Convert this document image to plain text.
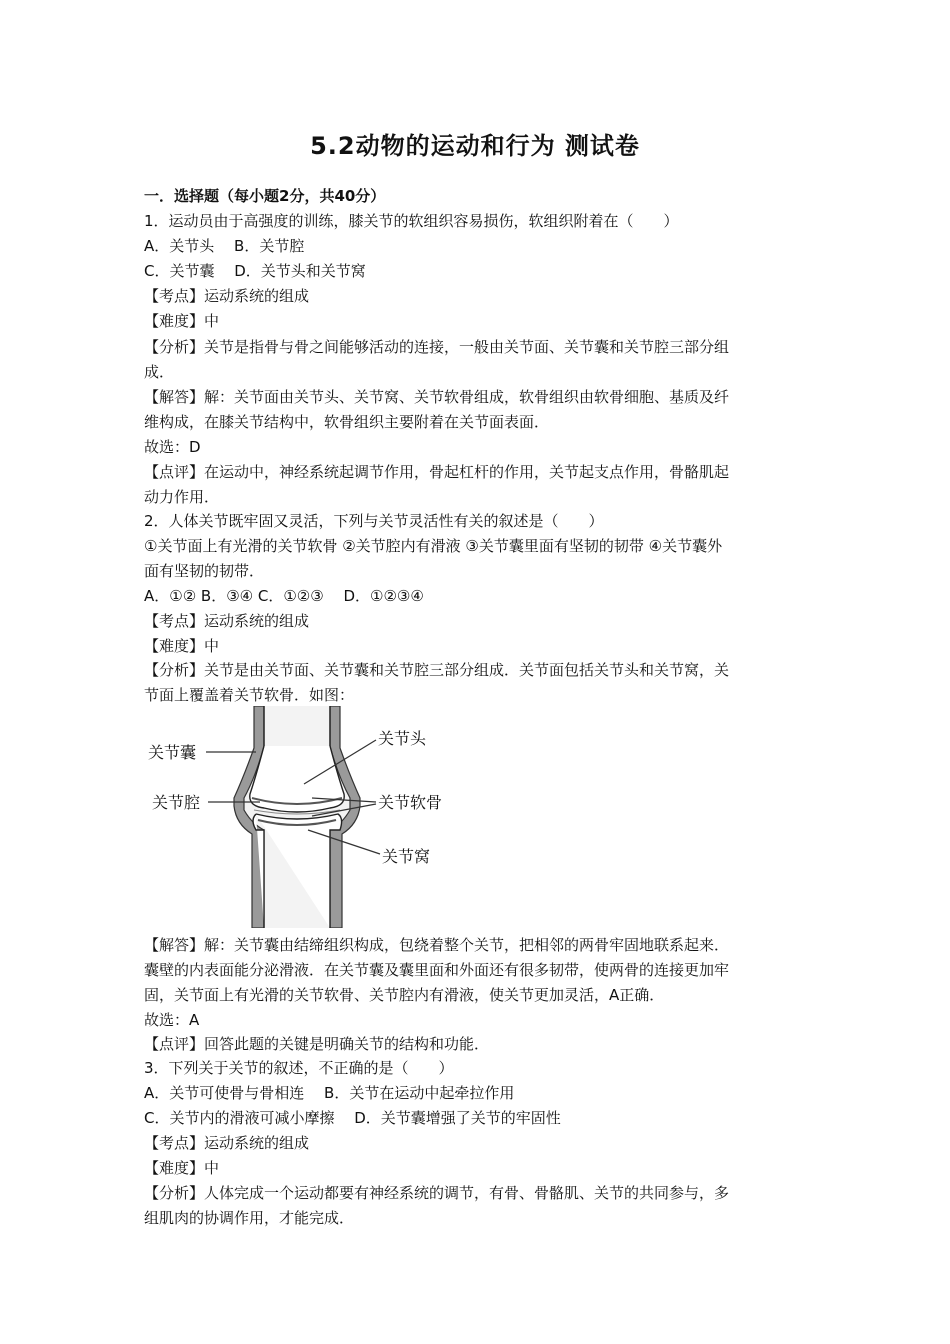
5.2动物的运动和行为 测试卷
一．选择题（每小题2分，共40分）
1．运动员由于高强度的训练，膝关节的软组织容易损伤，软组织附着在（　　）
A．关节头　 B．关节腔
C．关节囊　 D．关节头和关节窝
【考点】运动系统的组成
【难度】中
【分析】关节是指骨与骨之间能够活动的连接，一般由关节面、关节囊和关节腔三部分组
成．
【解答】解：关节面由关节头、关节窝、关节软骨组成，软骨组织由软骨细胞、基质及纤
维构成，在膝关节结构中，软骨组织主要附着在关节面表面．
故选：D
【点评】在运动中，神经系统起调节作用，骨起杠杆的作用，关节起支点作用，骨骼肌起
动力作用．
2．人体关节既牢固又灵活，下列与关节灵活性有关的叙述是（　　）
①关节面上有光滑的关节软骨 ②关节腔内有滑液 ③关节囊里面有坚韧的韧带 ④关节囊外
面有坚韧的韧带．
A．①② B．③④ C．①②③　 D．①②③④
【考点】运动系统的组成
【难度】中
【分析】关节是由关节面、关节囊和关节腔三部分组成．关节面包括关节头和关节窝，关
节面上覆盖着关节软骨．如图：
关节囊
关节腔
关节头
关节软骨
关节窝
【解答】解：关节囊由结缔组织构成，包绕着整个关节，把相邻的两骨牢固地联系起来．
囊壁的内表面能分泌滑液．在关节囊及囊里面和外面还有很多韧带，使两骨的连接更加牢
固，关节面上有光滑的关节软骨、关节腔内有滑液，使关节更加灵活，A正确．
故选：A
【点评】回答此题的关键是明确关节的结构和功能．
3．下列关于关节的叙述，不正确的是（　　）
A．关节可使骨与骨相连　 B．关节在运动中起牵拉作用
C．关节内的滑液可减小摩擦　 D．关节囊增强了关节的牢固性
【考点】运动系统的组成
【难度】中
【分析】人体完成一个运动都要有神经系统的调节，有骨、骨骼肌、关节的共同参与，多
组肌肉的协调作用，才能完成．
